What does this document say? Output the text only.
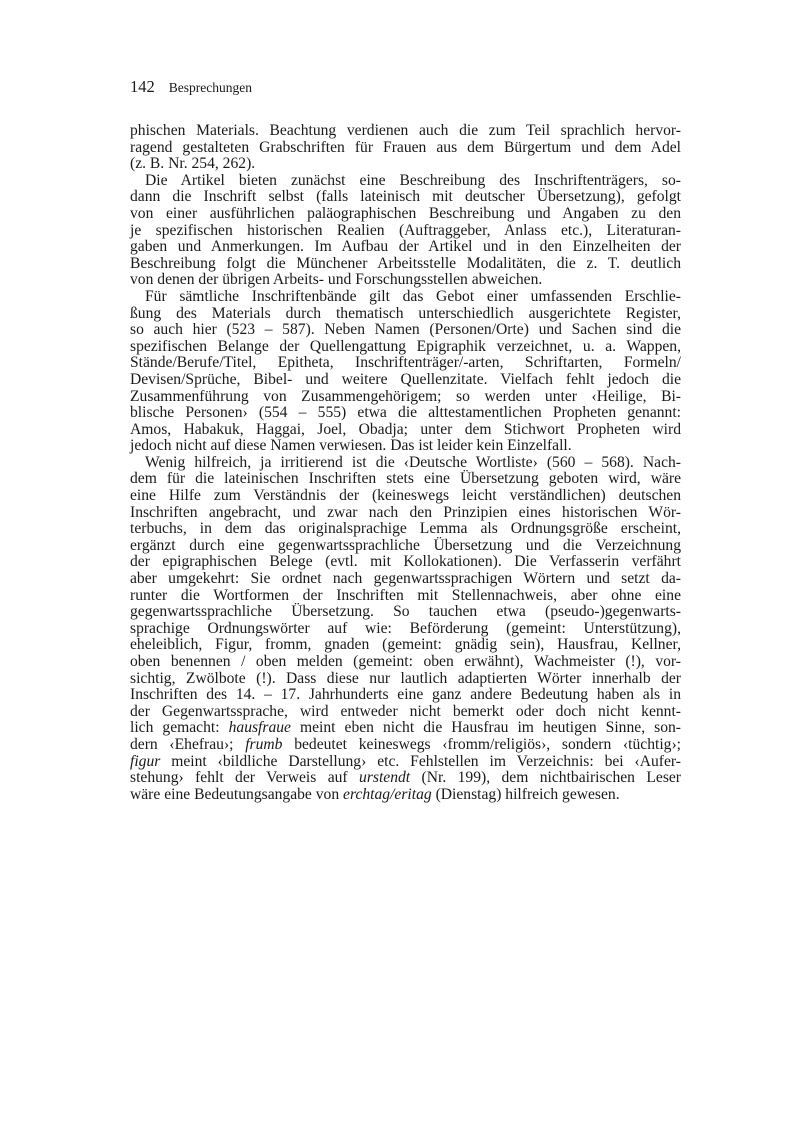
142 Besprechungen
phischen Materials. Beachtung verdienen auch die zum Teil sprachlich hervor-
ragend gestalteten Grabschriften für Frauen aus dem Bürgertum und dem Adel
(z. B. Nr. 254, 262).
Die Artikel bieten zunächst eine Beschreibung des Inschriftenträgers, so-
dann die Inschrift selbst (falls lateinisch mit deutscher Übersetzung), gefolgt
von einer ausführlichen paläographischen Beschreibung und Angaben zu den
je spezifischen historischen Realien (Auftraggeber, Anlass etc.), Literaturan-
gaben und Anmerkungen. Im Aufbau der Artikel und in den Einzelheiten der
Beschreibung folgt die Münchener Arbeitsstelle Modalitäten, die z. T. deutlich
von denen der übrigen Arbeits- und Forschungsstellen abweichen.
Für sämtliche Inschriftenbände gilt das Gebot einer umfassenden Erschlie-
ßung des Materials durch thematisch unterschiedlich ausgerichtete Register,
so auch hier (523 – 587). Neben Namen (Personen/Orte) und Sachen sind die
spezifischen Belange der Quellengattung Epigraphik verzeichnet, u. a. Wappen,
Stände/Berufe/Titel, Epitheta, Inschriftenträger/-arten, Schriftarten, Formeln/
Devisen/Sprüche, Bibel- und weitere Quellenzitate. Vielfach fehlt jedoch die
Zusammenführung von Zusammengehörigem; so werden unter ‹Heilige, Bi-
blische Personen› (554 – 555) etwa die alttestamentlichen Propheten genannt:
Amos, Habakuk, Haggai, Joel, Obadja; unter dem Stichwort Propheten wird
jedoch nicht auf diese Namen verwiesen. Das ist leider kein Einzelfall.
Wenig hilfreich, ja irritierend ist die ‹Deutsche Wortliste› (560 – 568). Nach-
dem für die lateinischen Inschriften stets eine Übersetzung geboten wird, wäre
eine Hilfe zum Verständnis der (keineswegs leicht verständlichen) deutschen
Inschriften angebracht, und zwar nach den Prinzipien eines historischen Wör-
terbuchs, in dem das originalsprachige Lemma als Ordnungsgröße erscheint,
ergänzt durch eine gegenwartssprachliche Übersetzung und die Verzeichnung
der epigraphischen Belege (evtl. mit Kollokationen). Die Verfasserin verfährt
aber umgekehrt: Sie ordnet nach gegenwartssprachigen Wörtern und setzt da-
runter die Wortformen der Inschriften mit Stellennachweis, aber ohne eine
gegenwartssprachliche Übersetzung. So tauchen etwa (pseudo-)gegenwarts-
sprachige Ordnungswörter auf wie: Beförderung (gemeint: Unterstützung),
eheleiblich, Figur, fromm, gnaden (gemeint: gnädig sein), Hausfrau, Kellner,
oben benennen / oben melden (gemeint: oben erwähnt), Wachmeister (!), vor-
sichtig, Zwölbote (!). Dass diese nur lautlich adaptierten Wörter innerhalb der
Inschriften des 14. – 17. Jahrhunderts eine ganz andere Bedeutung haben als in
der Gegenwartssprache, wird entweder nicht bemerkt oder doch nicht kennt-
lich gemacht: hausfraue meint eben nicht die Hausfrau im heutigen Sinne, son-
dern ‹Ehefrau›; frumb bedeutet keineswegs ‹fromm/religiös›, sondern ‹tüchtig›;
figur meint ‹bildliche Darstellung› etc. Fehlstellen im Verzeichnis: bei ‹Aufer-
stehung› fehlt der Verweis auf urstendt (Nr. 199), dem nichtbairischen Leser
wäre eine Bedeutungsangabe von erchtag/eritag (Dienstag) hilfreich gewesen.
